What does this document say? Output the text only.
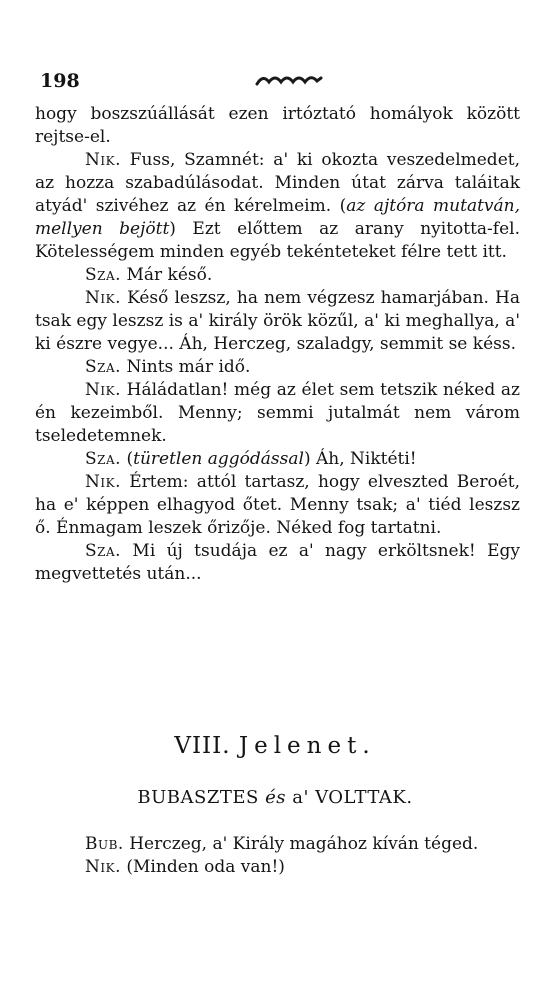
198

hogy boszszúállását ezen irtóztató homályok között rejtse-el.

Nik. Fuss, Szamnét: a' ki okozta veszedelmedet, az hozza szabadúlásodat. Minden útat zárva taláitak atyád' szivéhez az én kérelmeim. (az ajtóra mutatván, mellyen bejött) Ezt előttem az arany nyitotta-fel. Kötelességem minden egyéb tekénteteket félre tett itt.

Sza. Már késő.

Nik. Késő leszsz, ha nem végzesz hamarjában. Ha tsak egy leszsz is a' király örök közűl, a' ki meghallya, a' ki észre vegye... Áh, Herczeg, szaladgy, semmit se késs.

Sza. Nints már idő.

Nik. Háládatlan! még az élet sem tetszik néked az én kezeimből. Menny; semmi jutalmát nem várom tseledetemnek.

Sza. (türetlen aggódással) Áh, Niktéti!

Nik. Értem: attól tartasz, hogy elveszted Beroét, ha e' képpen elhagyod őtet. Menny tsak; a' tiéd leszsz ő. Énmagam leszek őrizője. Néked fog tartatni.

Sza. Mi új tsudája ez a' nagy erköltsnek! Egy megvettetés után...

VIII. Jelenet.
BUBASZTES és a' VOLTTAK.

Bub. Herczeg, a' Király magához kíván téged.

Nik. (Minden oda van!)
